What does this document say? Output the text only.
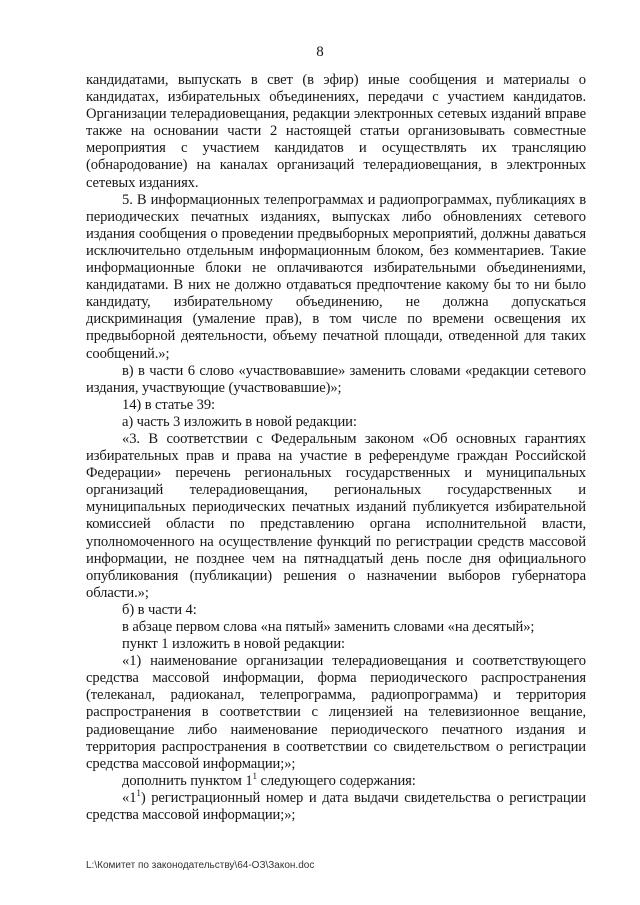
8

кандидатами, выпускать в свет (в эфир) иные сообщения и материалы о кандидатах, избирательных объединениях, передачи с участием кандидатов. Организации телерадиовещания, редакции электронных сетевых изданий вправе также на основании части 2 настоящей статьи организовывать совместные мероприятия с участием кандидатов и осуществлять их трансляцию (обнародование) на каналах организаций телерадиовещания, в электронных сетевых изданиях.

5. В информационных телепрограммах и радиопрограммах, публикациях в периодических печатных изданиях, выпусках либо обновлениях сетевого издания сообщения о проведении предвыборных мероприятий, должны даваться исключительно отдельным информационным блоком, без комментариев. Такие информационные блоки не оплачиваются избирательными объединениями, кандидатами. В них не должно отдаваться предпочтение какому бы то ни было кандидату, избирательному объединению, не должна допускаться дискриминация (умаление прав), в том числе по времени освещения их предвыборной деятельности, объему печатной площади, отведенной для таких сообщений.»;

в) в части 6 слово «участвовавшие» заменить словами «редакции сетевого издания, участвующие (участвовавшие)»;

14) в статье 39:

а) часть 3 изложить в новой редакции:

«3. В соответствии с Федеральным законом «Об основных гарантиях избирательных прав и права на участие в референдуме граждан Российской Федерации» перечень региональных государственных и муниципальных организаций телерадиовещания, региональных государственных и муниципальных периодических печатных изданий публикуется избирательной комиссией области по представлению органа исполнительной власти, уполномоченного на осуществление функций по регистрации средств массовой информации, не позднее чем на пятнадцатый день после дня официального опубликования (публикации) решения о назначении выборов губернатора области.»;

б) в части 4:

в абзаце первом слова «на пятый» заменить словами «на десятый»;

пункт 1 изложить в новой редакции:

«1) наименование организации телерадиовещания и соответствующего средства массовой информации, форма периодического распространения (телеканал, радиоканал, телепрограмма, радиопрограмма) и территория распространения в соответствии с лицензией на телевизионное вещание, радиовещание либо наименование периодического печатного издания и территория распространения в соответствии со свидетельством о регистрации средства массовой информации;»;

дополнить пунктом $1^1$ следующего содержания:

«$1^1$) регистрационный номер и дата выдачи свидетельства о регистрации средства массовой информации;»;

L:\Комитет по законодательству\64-ОЗ\Закон.doc
